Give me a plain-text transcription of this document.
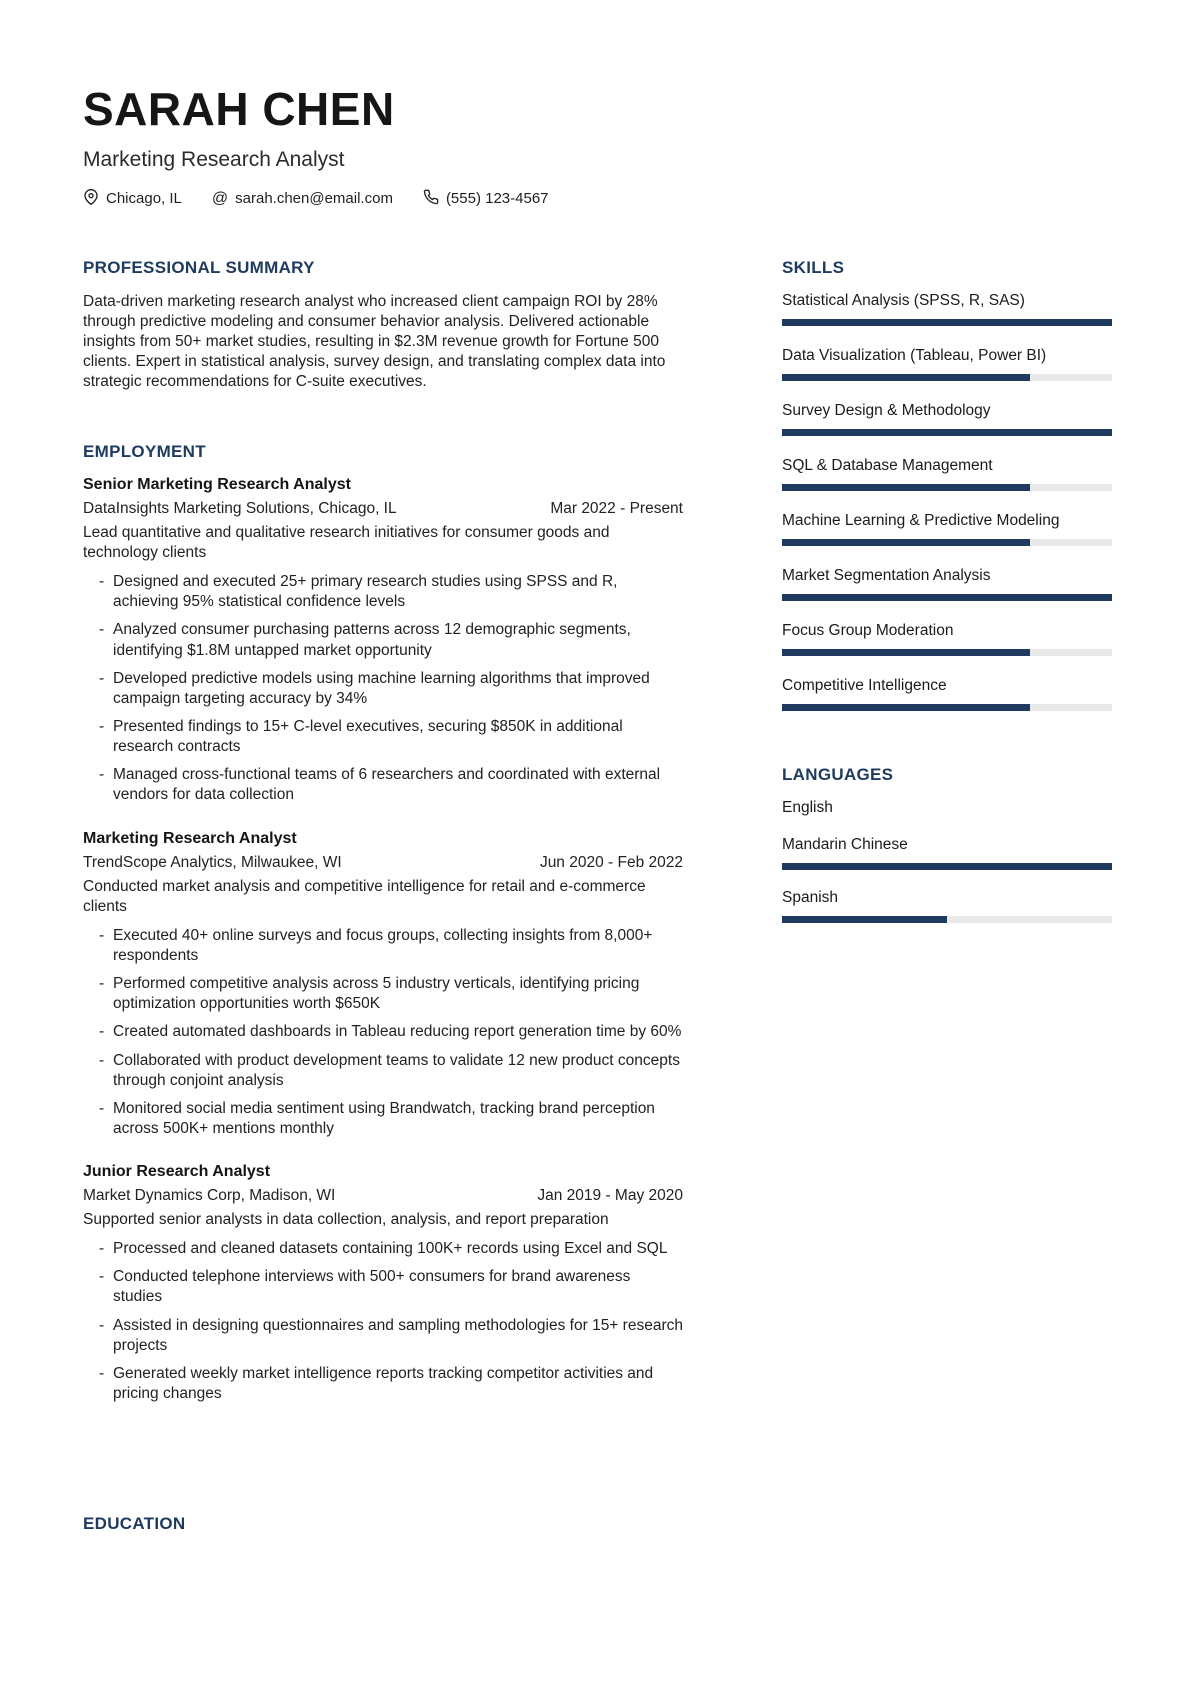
SARAH CHEN
Marketing Research Analyst
Chicago, IL @ sarah.chen@email.com	(555) 123-4567
PROFESSIONAL SUMMARY

Data-driven marketing research analyst who increased client campaign ROI by 28% through predictive modeling and consumer behavior analysis. Delivered actionable insights from 50+ market studies, resulting in $2.3M revenue growth for Fortune 500 clients. Expert in statistical analysis, survey design, and translating complex data into strategic recommendations for C-suite executives.

EMPLOYMENT
Senior Marketing Research Analyst
DataInsights Marketing Solutions, Chicago, IL	Mar 2022 - Present
Lead quantitative and qualitative research initiatives for consumer goods and technology clients
- Designed and executed 25+ primary research studies using SPSS and R, achieving 95% statistical confidence levels
- Analyzed consumer purchasing patterns across 12 demographic segments, identifying $1.8M untapped market opportunity
- Developed predictive models using machine learning algorithms that improved campaign targeting accuracy by 34%
- Presented findings to 15+ C-level executives, securing $850K in additional research contracts
- Managed cross-functional teams of 6 researchers and coordinated with external vendors for data collection
Marketing Research Analyst
TrendScope Analytics, Milwaukee, WI	Jun 2020 - Feb 2022
Conducted market analysis and competitive intelligence for retail and e-commerce clients
- Executed 40+ online surveys and focus groups, collecting insights from 8,000+ respondents
- Performed competitive analysis across 5 industry verticals, identifying pricing optimization opportunities worth $650K
- Created automated dashboards in Tableau reducing report generation time by 60%
- Collaborated with product development teams to validate 12 new product concepts through conjoint analysis
- Monitored social media sentiment using Brandwatch, tracking brand perception across 500K+ mentions monthly
Junior Research Analyst
Market Dynamics Corp, Madison, WI	Jan 2019 - May 2020
Supported senior analysts in data collection, analysis, and report preparation
- Processed and cleaned datasets containing 100K+ records using Excel and SQL
- Conducted telephone interviews with 500+ consumers for brand awareness studies
- Assisted in designing questionnaires and sampling methodologies for 15+ research projects
- Generated weekly market intelligence reports tracking competitor activities and pricing changes
EDUCATION
SKILLS
Statistical Analysis (SPSS, R, SAS)
Data Visualization (Tableau, Power BI)
Survey Design & Methodology
SQL & Database Management
Machine Learning & Predictive Modeling
Market Segmentation Analysis
Focus Group Moderation
Competitive Intelligence
LANGUAGES
English
Mandarin Chinese
Spanish
